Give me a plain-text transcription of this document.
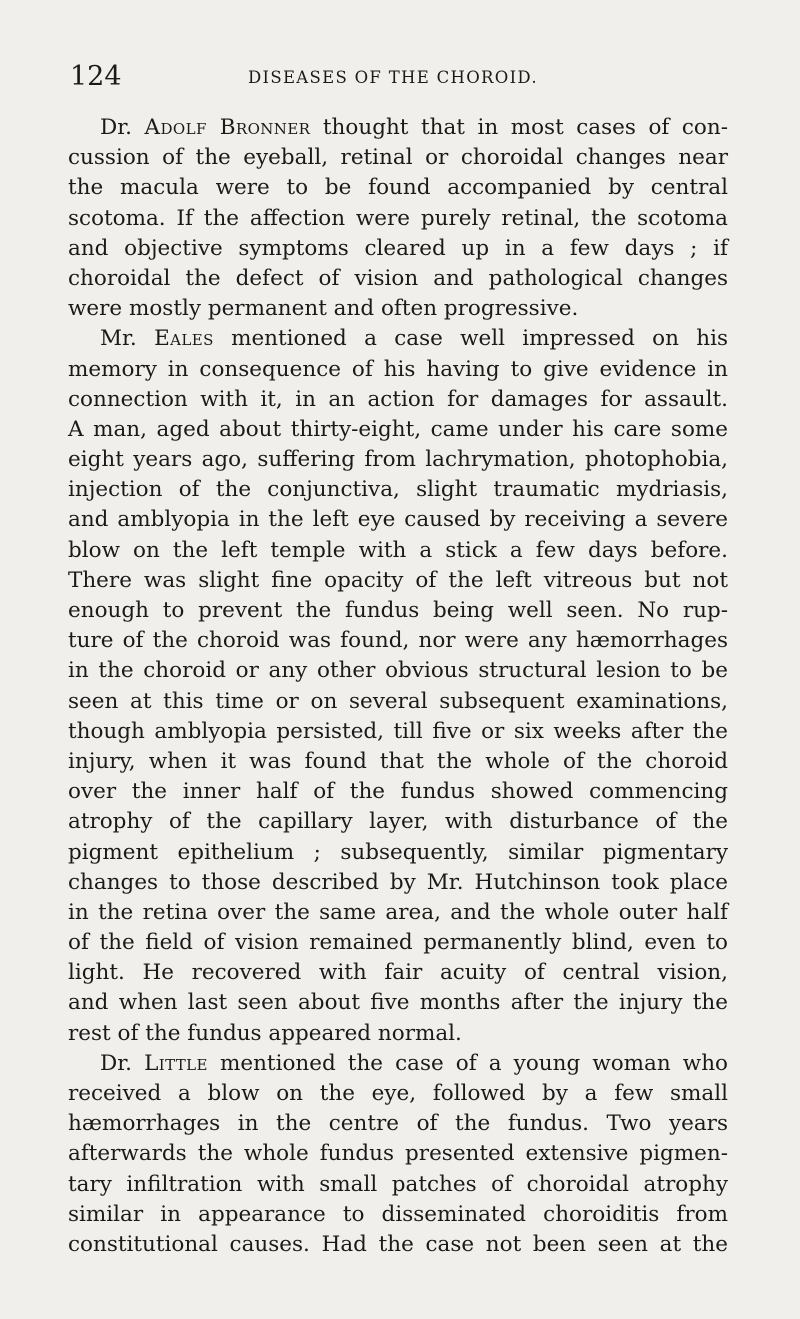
124	DISEASES OF THE CHOROID.
Dr. Adolf Bronner thought that in most cases of con-
cussion of the eyeball, retinal or choroidal changes near
the macula were to be found accompanied by central
scotoma. If the affection were purely retinal, the scotoma
and objective symptoms cleared up in a few days ; if
choroidal the defect of vision and pathological changes
were mostly permanent and often progressive.
Mr. Eales mentioned a case well impressed on his
memory in consequence of his having to give evidence in
connection with it, in an action for damages for assault.
A man, aged about thirty-eight, came under his care some
eight years ago, suffering from lachrymation, photophobia,
injection of the conjunctiva, slight traumatic mydriasis,
and amblyopia in the left eye caused by receiving a severe
blow on the left temple with a stick a few days before.
There was slight fine opacity of the left vitreous but not
enough to prevent the fundus being well seen. No rup-
ture of the choroid was found, nor were any hæmorrhages
in the choroid or any other obvious structural lesion to be
seen at this time or on several subsequent examinations,
though amblyopia persisted, till five or six weeks after the
injury, when it was found that the whole of the choroid
over the inner half of the fundus showed commencing
atrophy of the capillary layer, with disturbance of the
pigment epithelium ; subsequently, similar pigmentary
changes to those described by Mr. Hutchinson took place
in the retina over the same area, and the whole outer half
of the field of vision remained permanently blind, even to
light. He recovered with fair acuity of central vision,
and when last seen about five months after the injury the
rest of the fundus appeared normal.
Dr. Little mentioned the case of a young woman who
received a blow on the eye, followed by a few small
hæmorrhages in the centre of the fundus. Two years
afterwards the whole fundus presented extensive pigmen-
tary infiltration with small patches of choroidal atrophy
similar in appearance to disseminated choroiditis from
constitutional causes. Had the case not been seen at the
